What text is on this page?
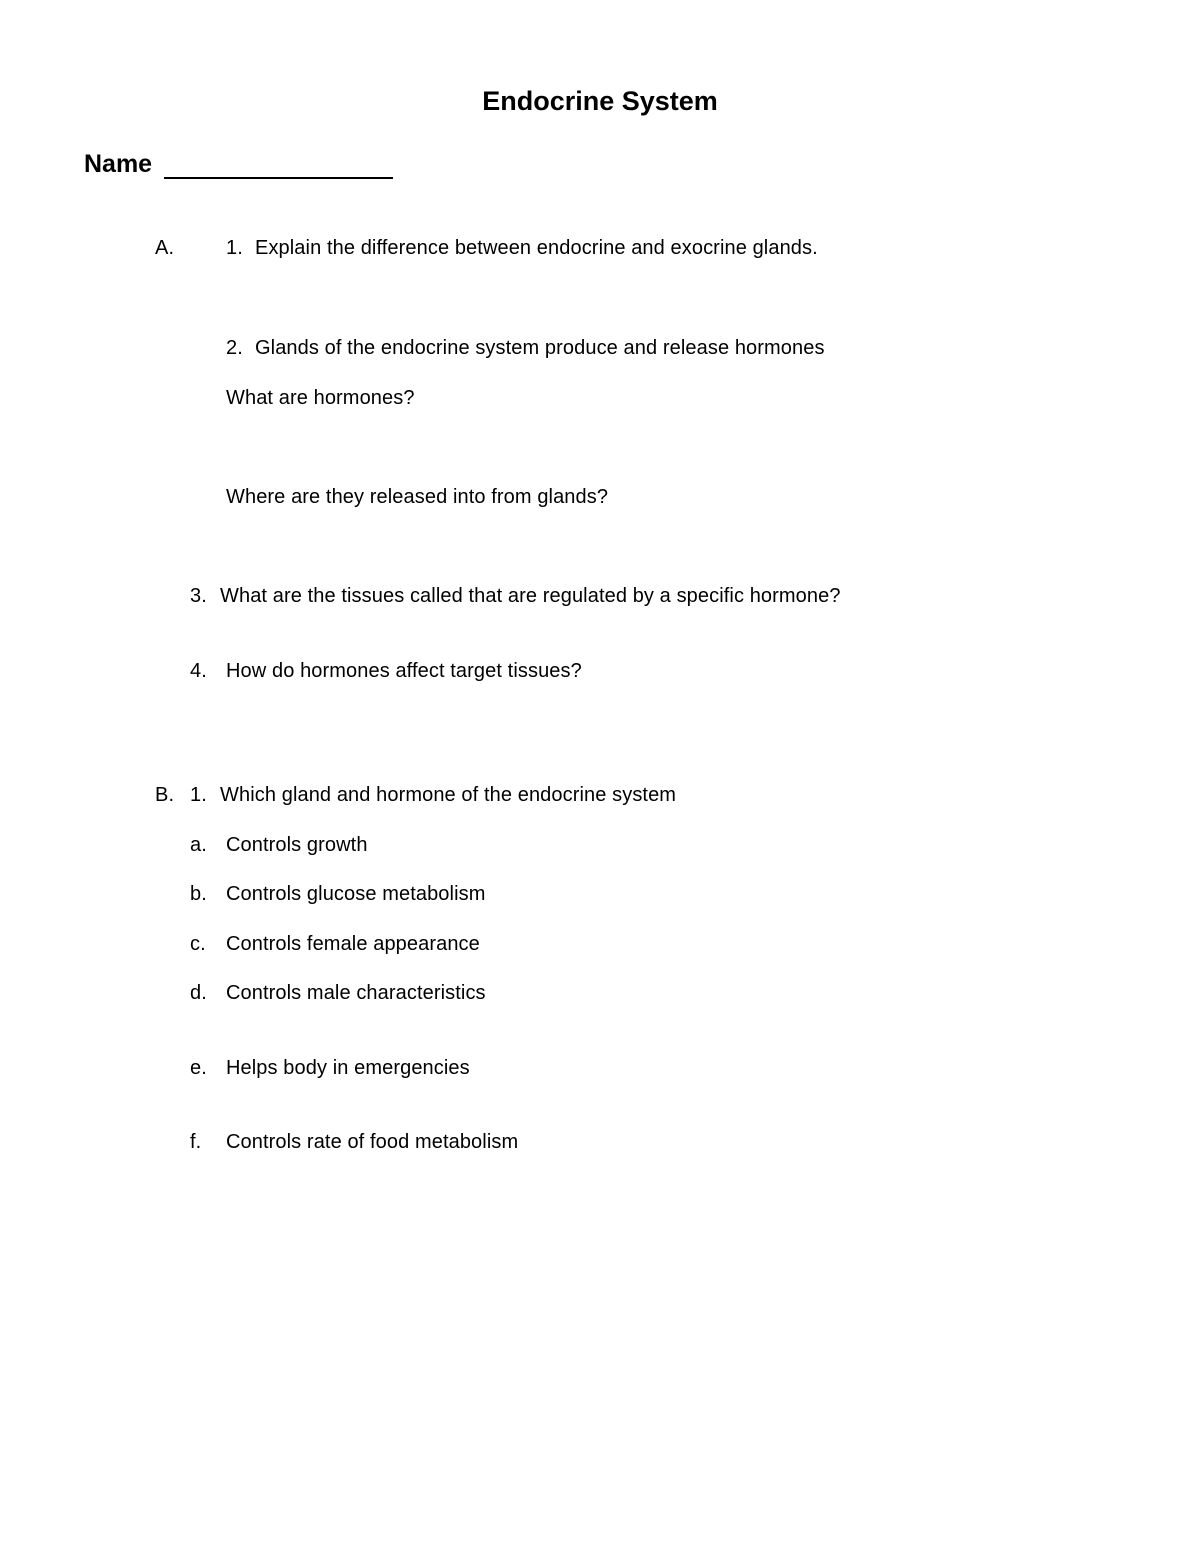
Endocrine System
Name
A.	1. Explain the difference between endocrine and exocrine glands.
2. Glands of the endocrine system produce and release hormones
What are hormones?
Where are they released into from glands?
3. What are the tissues called that are regulated by a specific hormone?
4. How do hormones affect target tissues?
B. 1. Which gland and hormone of the endocrine system
a. Controls growth
b. Controls glucose metabolism
c. Controls female appearance
d. Controls male characteristics
e. Helps body in emergencies
f. Controls rate of food metabolism
